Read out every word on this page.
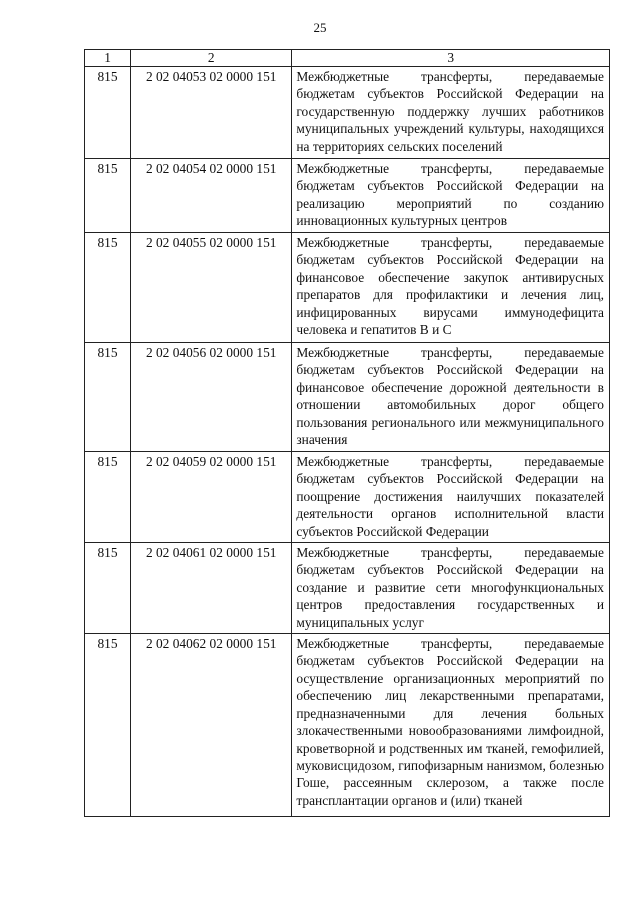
25
1	2	3
815	2 02 04053 02 0000 151	Межбюджетные трансферты, передаваемые бюджетам субъектов Российской Федерации на государственную поддержку лучших работников муниципальных учреждений культуры, находящихся на территориях сельских поселений
815	2 02 04054 02 0000 151	Межбюджетные трансферты, передаваемые бюджетам субъектов Российской Федерации на реализацию мероприятий по созданию инновационных культурных центров
815	2 02 04055 02 0000 151	Межбюджетные трансферты, передаваемые бюджетам субъектов Российской Федерации на финансовое обеспечение закупок антивирусных препаратов для профилактики и лечения лиц, инфицированных вирусами иммунодефицита человека и гепатитов B и C
815	2 02 04056 02 0000 151	Межбюджетные трансферты, передаваемые бюджетам субъектов Российской Федерации на финансовое обеспечение дорожной деятельности в отношении автомобильных дорог общего пользования регионального или межмуниципального значения
815	2 02 04059 02 0000 151	Межбюджетные трансферты, передаваемые бюджетам субъектов Российской Федерации на поощрение достижения наилучших показателей деятельности органов исполнительной власти субъектов Российской Федерации
815	2 02 04061 02 0000 151	Межбюджетные трансферты, передаваемые бюджетам субъектов Российской Федерации на создание и развитие сети многофункциональных центров предоставления государственных и муниципальных услуг
815	2 02 04062 02 0000 151	Межбюджетные трансферты, передаваемые бюджетам субъектов Российской Федерации на осуществление организационных мероприятий по обеспечению лиц лекарственными препаратами, предназначенными для лечения больных злокачественными новообразованиями лимфоидной, кроветворной и родственных им тканей, гемофилией, муковисцидозом, гипофизарным нанизмом, болезнью Гоше, рассеянным склерозом, а также после трансплантации органов и (или) тканей
